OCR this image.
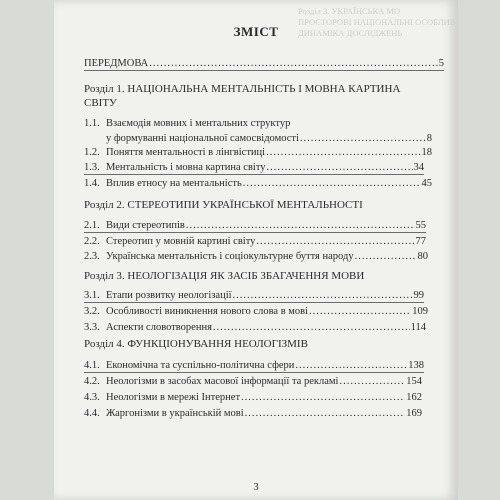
Розділ 3. УКРАЇНСЬКА МО
ПРОСТОРОВІ НАЦІОНАЛЬНІ ОСОБЛИВ
ДИНАМІКА ДОСЛІДЖЕНЬ
ЗМІСТ
ПЕРЕДМОВА .....	5
Розділ 1. НАЦІОНАЛЬНА МЕНТАЛЬНІСТЬ І МОВНА КАРТИНА СВІТУ
1.1. Взаємодія мовних і ментальних структур
у формуванні національної самосвідомості .....	8
1.2. Поняття ментальності в лінгвістиці .....	18
1.3. Ментальність і мовна картина світу .....	34
1.4. Вплив етносу на ментальність .....	45
Розділ 2. СТЕРЕОТИПИ УКРАЇНСЬКОЇ МЕНТАЛЬНОСТІ
2.1. Види стереотипів .....	55
2.2. Стереотип у мовній картині світу .....	77
2.3. Українська ментальність і соціокультурне буття народу .....	80
Розділ 3. НЕОЛОГІЗАЦІЯ ЯК ЗАСІБ ЗБАГАЧЕННЯ МОВИ
3.1. Етапи розвитку неологізації .....	99
3.2. Особливості виникнення нового слова в мові .....	109
3.3. Аспекти словотворення .....	114
Розділ 4. ФУНКЦІОНУВАННЯ НЕОЛОГІЗМІВ
4.1. Економічна та суспільно-політична сфери .....	138
4.2. Неологізми в засобах масової інформації та рекламі .....	154
4.3. Неологізми в мережі Інтернет .....	162
4.4. Жаргонізми в українській мові .....	169
3
